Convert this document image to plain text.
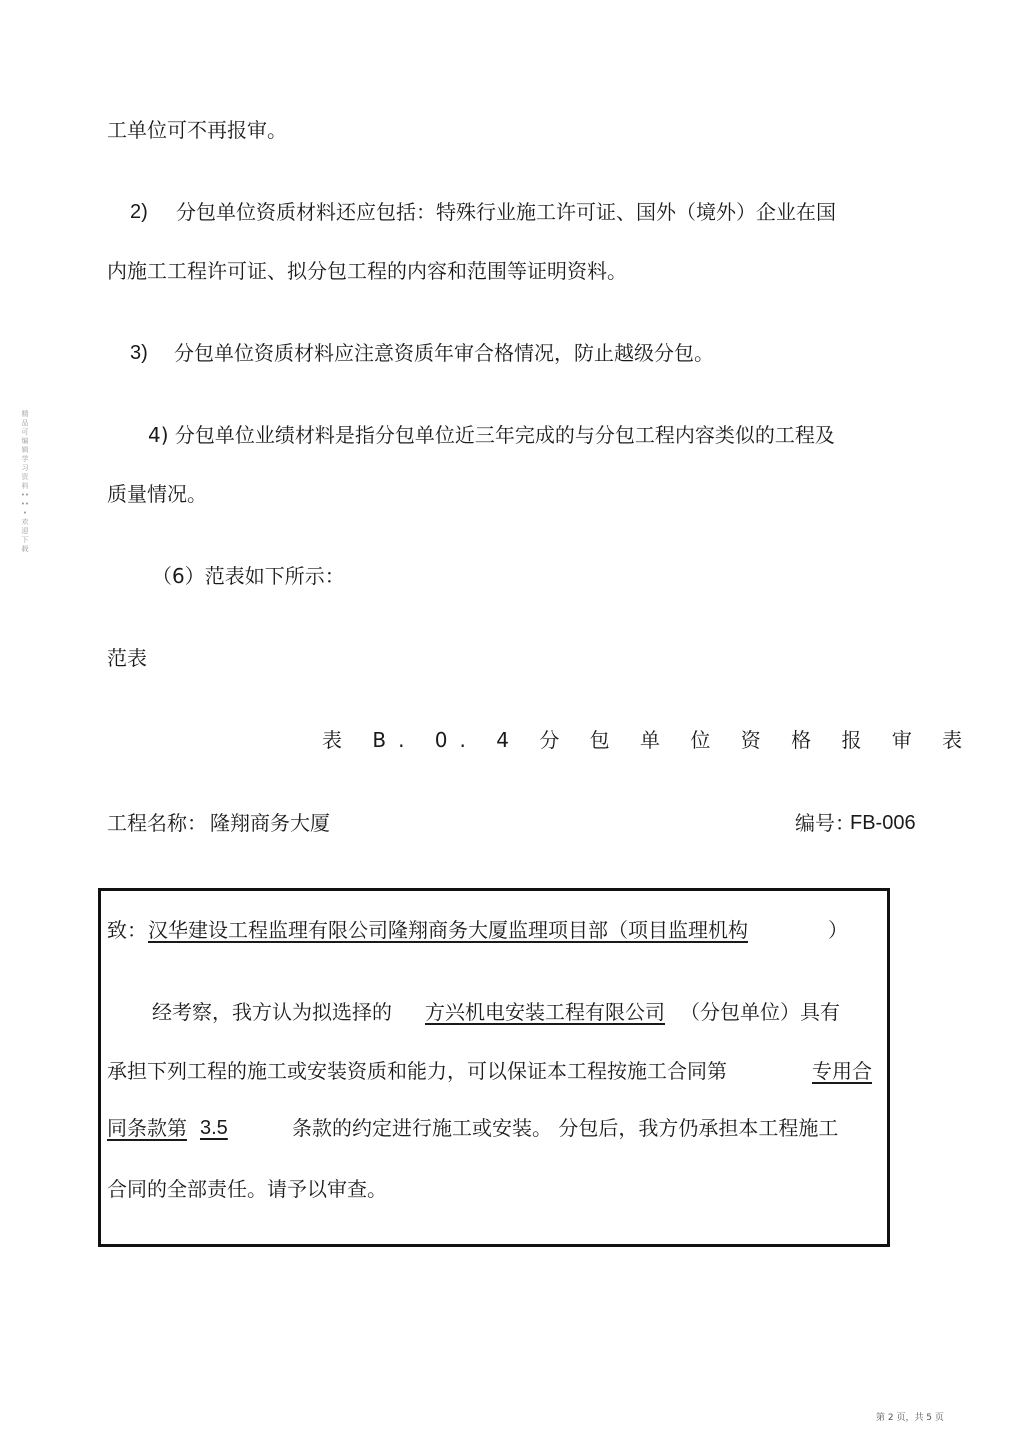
工单位可不再报审。
2) 分包单位资质材料还应包括：特殊行业施工许可证、国外（境外）企业在国
内施工工程许可证、拟分包工程的内容和范围等证明资料。
3) 分包单位资质材料应注意资质年审合格情况，防止越级分包。
4) 分包单位业绩材料是指分包单位近三年完成的与分包工程内容类似的工程及
质量情况。
（6）范表如下所示：
范表
精品可编辑学习资料•••••欢迎下载
表 B. 0. 4 分 包 单 位 资 格 报 审 表
工程名称： 隆翔商务大厦	编号：
FB-006
致： 汉华建设工程监理有限公司隆翔商务大厦监理项目部（项目监理机构	）
经考察，我方认为拟选择的 方兴机电安装工程有限公司 （分包单位）具有
承担下列工程的施工或安装资质和能力，可以保证本工程按施工合同第	专用合
同条款第 3.5	条款的约定进行施工或安装。 分包后，我方仍承担本工程施工
合同的全部责任。请予以审查。
第 2 页，共 5 页
